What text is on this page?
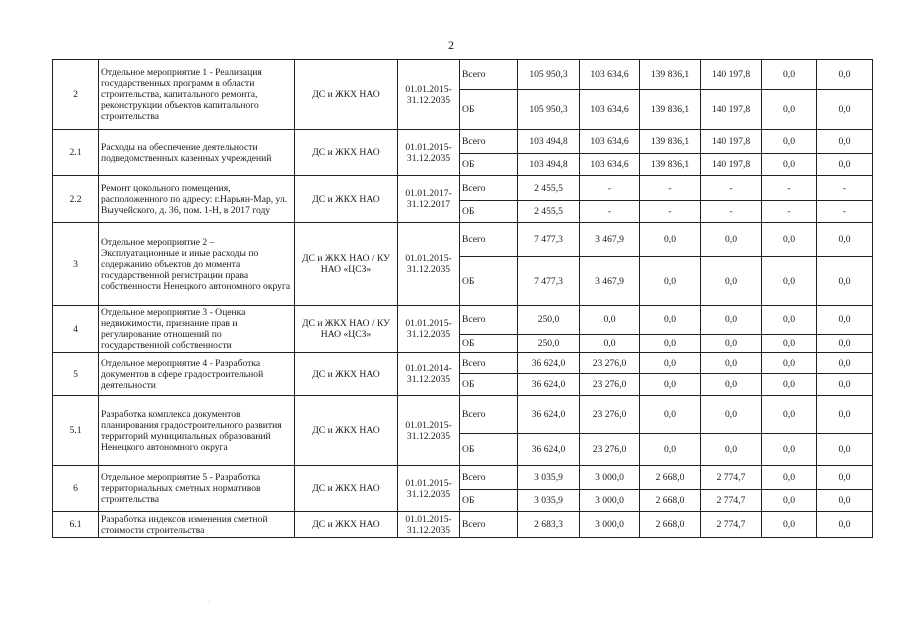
2
2	Отдельное мероприятие 1 - Реализация государственных программ в области строительства, капитального ремонта, реконструкции объектов капитального строительства	ДС и ЖКХ НАО	01.01.2015-31.12.2035	Всего	105 950,3	103 634,6	139 836,1	140 197,8	0,0	0,0
				ОБ	105 950,3	103 634,6	139 836,1	140 197,8	0,0	0,0
2.1	Расходы на обеспечение деятельности подведомственных казенных учреждений	ДС и ЖКХ НАО	01.01.2015-31.12.2035	Всего	103 494,8	103 634,6	139 836,1	140 197,8	0,0	0,0
				ОБ	103 494,8	103 634,6	139 836,1	140 197,8	0,0	0,0
2.2	Ремонт цокольного помещения, расположенного по адресу: г.Нарьян-Мар, ул. Выучейского, д. 36, пом. 1-Н, в 2017 году	ДС и ЖКХ НАО	01.01.2017-31.12.2017	Всего	2 455,5	-	-	-	-	-
				ОБ	2 455,5	-	-	-	-	-
3	Отдельное мероприятие 2 – Эксплуатационные и иные расходы по содержанию объектов до момента государственной регистрации права собственности Ненецкого автономного округа	ДС и ЖКХ НАО / КУ НАО «ЦСЗ»	01.01.2015-31.12.2035	Всего	7 477,3	3 467,9	0,0	0,0	0,0	0,0
				ОБ	7 477,3	3 467,9	0,0	0,0	0,0	0,0
4	Отдельное мероприятие 3 - Оценка недвижимости, признание прав и регулирование отношений по государственной собственности	ДС и ЖКХ НАО / КУ НАО «ЦСЗ»	01.01.2015-31.12.2035	Всего	250,0	0,0	0,0	0,0	0,0	0,0
				ОБ	250,0	0,0	0,0	0,0	0,0	0,0
5	Отдельное мероприятие 4 - Разработка документов в сфере градостроительной деятельности	ДС и ЖКХ НАО	01.01.2014-31.12.2035	Всего	36 624,0	23 276,0	0,0	0,0	0,0	0,0
				ОБ	36 624,0	23 276,0	0,0	0,0	0,0	0,0
5.1	Разработка комплекса документов планирования градостроительного развития территорий муниципальных образований Ненецкого автономного округа	ДС и ЖКХ НАО	01.01.2015-31.12.2035	Всего	36 624,0	23 276,0	0,0	0,0	0,0	0,0
				ОБ	36 624,0	23 276,0	0,0	0,0	0,0	0,0
6	Отдельное мероприятие 5 - Разработка территориальных сметных нормативов строительства	ДС и ЖКХ НАО	01.01.2015-31.12.2035	Всего	3 035,9	3 000,0	2 668,0	2 774,7	0,0	0,0
				ОБ	3 035,9	3 000,0	2 668,0	2 774,7	0,0	0,0
6.1	Разработка индексов изменения сметной стоимости строительства	ДС и ЖКХ НАО	01.01.2015-31.12.2035	Всего	2 683,3	3 000,0	2 668,0	2 774,7	0,0	0,0
·
